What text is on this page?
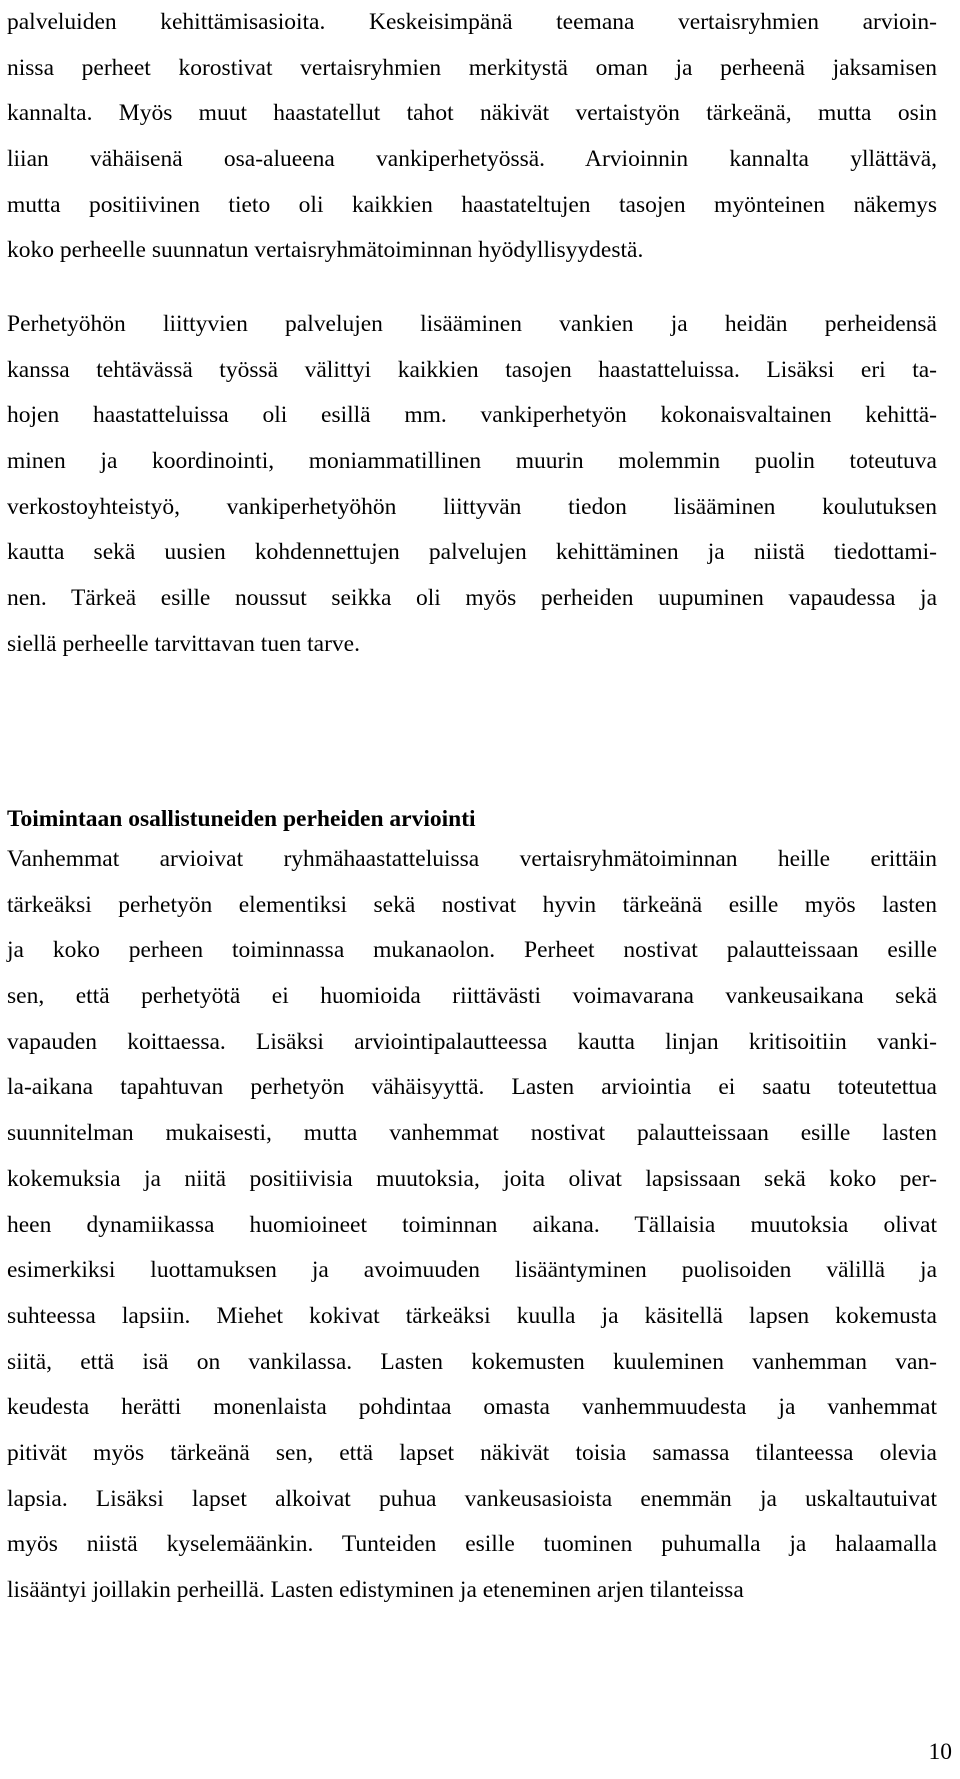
palveluiden kehittämisasioita. Keskeisimpänä teemana vertaisryhmien arvioin-
nissa perheet korostivat vertaisryhmien merkitystä oman ja perheenä jaksamisen
kannalta. Myös muut haastatellut tahot näkivät vertaistyön tärkeänä, mutta osin
liian vähäisenä osa-alueena vankiperhetyössä. Arvioinnin kannalta yllättävä,
mutta positiivinen tieto oli kaikkien haastateltujen tasojen myönteinen näkemys
koko perheelle suunnatun vertaisryhmätoiminnan hyödyllisyydestä.
Perhetyöhön liittyvien palvelujen lisääminen vankien ja heidän perheidensä
kanssa tehtävässä työssä välittyi kaikkien tasojen haastatteluissa. Lisäksi eri ta-
hojen haastatteluissa oli esillä mm. vankiperhetyön kokonaisvaltainen kehittä-
minen ja koordinointi, moniammatillinen muurin molemmin puolin toteutuva
verkostoyhteistyö, vankiperhetyöhön liittyvän tiedon lisääminen koulutuksen
kautta sekä uusien kohdennettujen palvelujen kehittäminen ja niistä tiedottami-
nen. Tärkeä esille noussut seikka oli myös perheiden uupuminen vapaudessa ja
siellä perheelle tarvittavan tuen tarve.
Toimintaan osallistuneiden perheiden arviointi
Vanhemmat arvioivat ryhmähaastatteluissa vertaisryhmätoiminnan heille erittäin
tärkeäksi perhetyön elementiksi sekä nostivat hyvin tärkeänä esille myös lasten
ja koko perheen toiminnassa mukanaolon. Perheet nostivat palautteissaan esille
sen, että perhetyötä ei huomioida riittävästi voimavarana vankeusaikana sekä
vapauden koittaessa. Lisäksi arviointipalautteessa kautta linjan kritisoitiin vanki-
la-aikana tapahtuvan perhetyön vähäisyyttä. Lasten arviointia ei saatu toteutettua
suunnitelman mukaisesti, mutta vanhemmat nostivat palautteissaan esille lasten
kokemuksia ja niitä positiivisia muutoksia, joita olivat lapsissaan sekä koko per-
heen dynamiikassa huomioineet toiminnan aikana. Tällaisia muutoksia olivat
esimerkiksi luottamuksen ja avoimuuden lisääntyminen puolisoiden välillä ja
suhteessa lapsiin. Miehet kokivat tärkeäksi kuulla ja käsitellä lapsen kokemusta
siitä, että isä on vankilassa. Lasten kokemusten kuuleminen vanhemman van-
keudesta herätti monenlaista pohdintaa omasta vanhemmuudesta ja vanhemmat
pitivät myös tärkeänä sen, että lapset näkivät toisia samassa tilanteessa olevia
lapsia. Lisäksi lapset alkoivat puhua vankeusasioista enemmän ja uskaltautuivat
myös niistä kyselemäänkin. Tunteiden esille tuominen puhumalla ja halaamalla
lisääntyi joillakin perheillä. Lasten edistyminen ja eteneminen arjen tilanteissa
10
